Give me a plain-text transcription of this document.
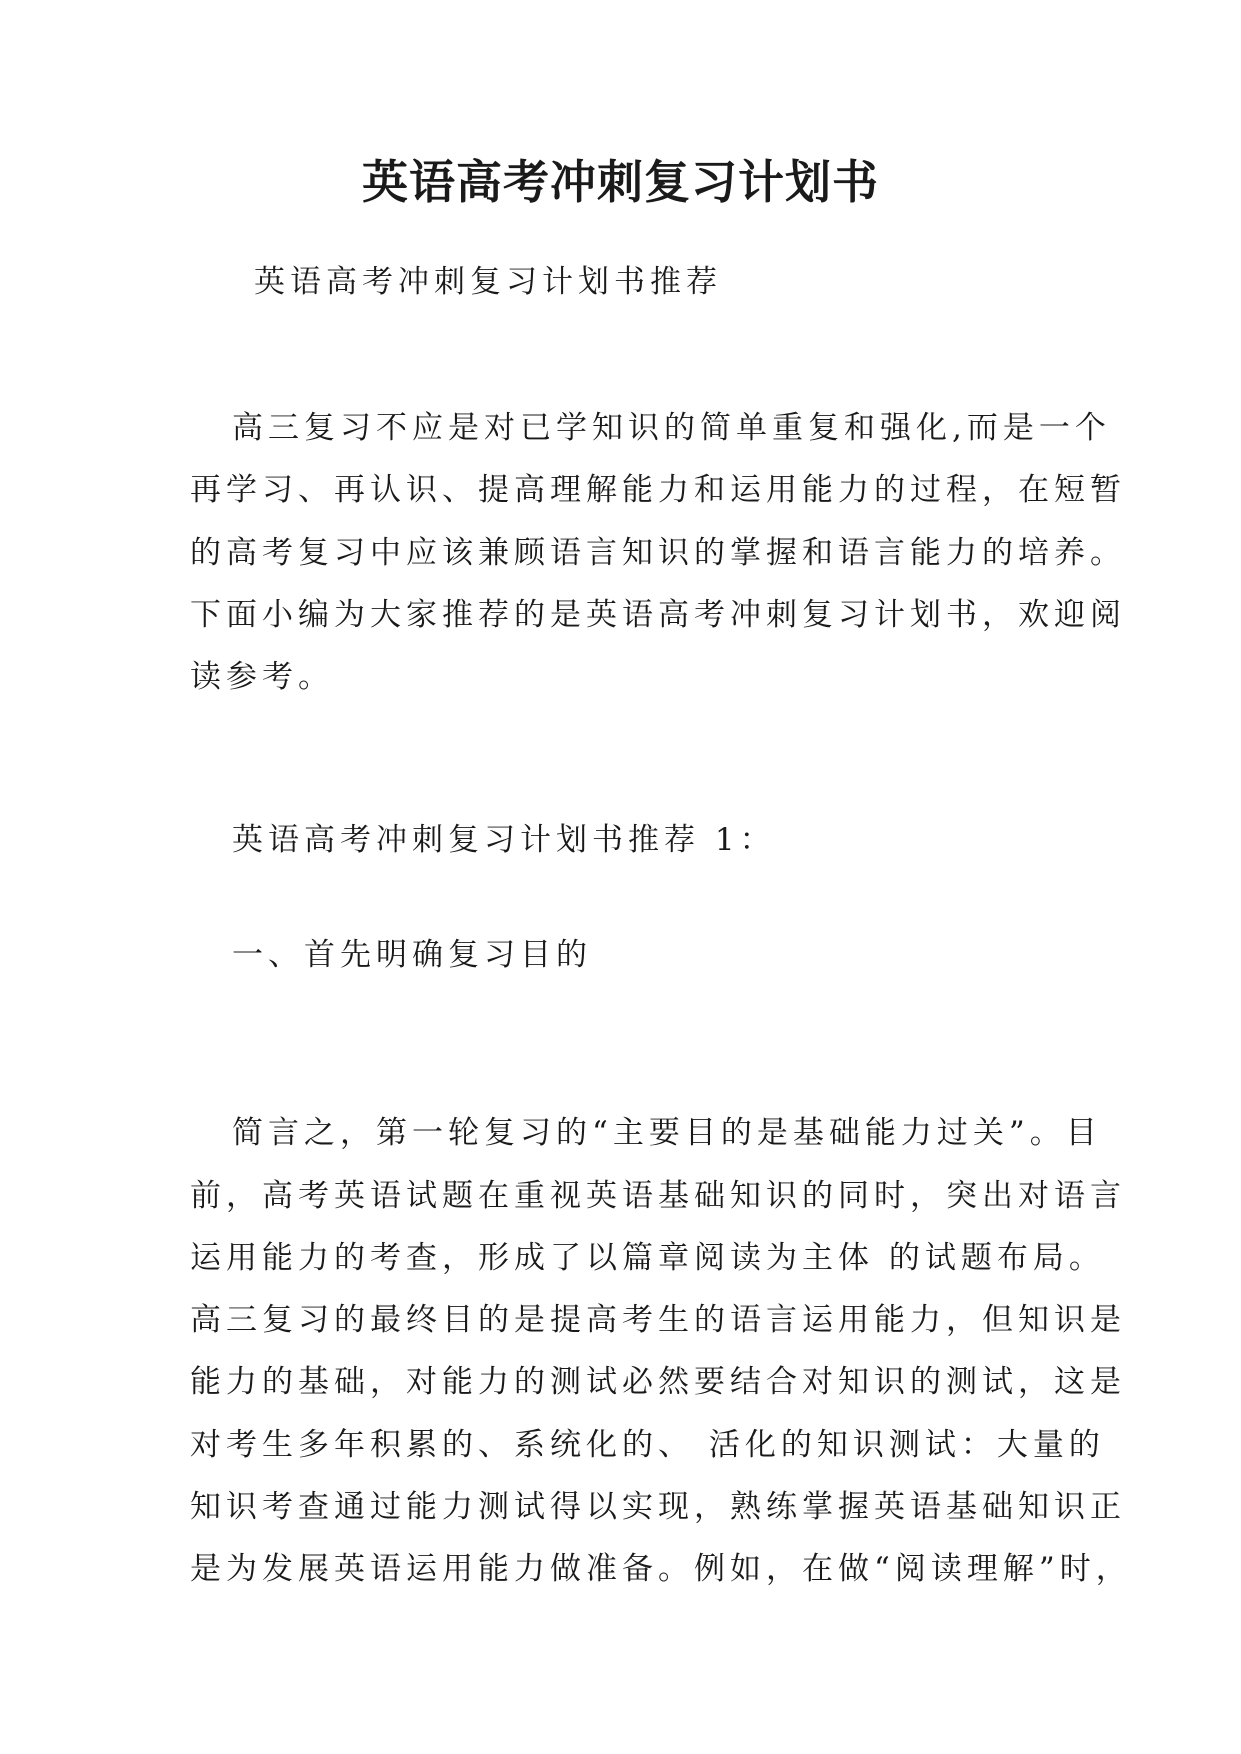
英语高考冲刺复习计划书

英语高考冲刺复习计划书推荐

高三复习不应是对已学知识的简单重复和强化,而是一个

再学习、再认识、提高理解能力和运用能力的过程，在短暂

的高考复习中应该兼顾语言知识的掌握和语言能力的培养。

下面小编为大家推荐的是英语高考冲刺复习计划书，欢迎阅

读参考。

英语高考冲刺复习计划书推荐 1：

一、首先明确复习目的

简言之，第一轮复习的“主要目的是基础能力过关”。目

前，高考英语试题在重视英语基础知识的同时，突出对语言

运用能力的考查，形成了以篇章阅读为主体 的试题布局。

高三复习的最终目的是提高考生的语言运用能力，但知识是

能力的基础，对能力的测试必然要结合对知识的测试，这是

对考生多年积累的、系统化的、 活化的知识测试：大量的

知识考查通过能力测试得以实现，熟练掌握英语基础知识正

是为发展英语运用能力做准备。例如，在做“阅读理解”时，
